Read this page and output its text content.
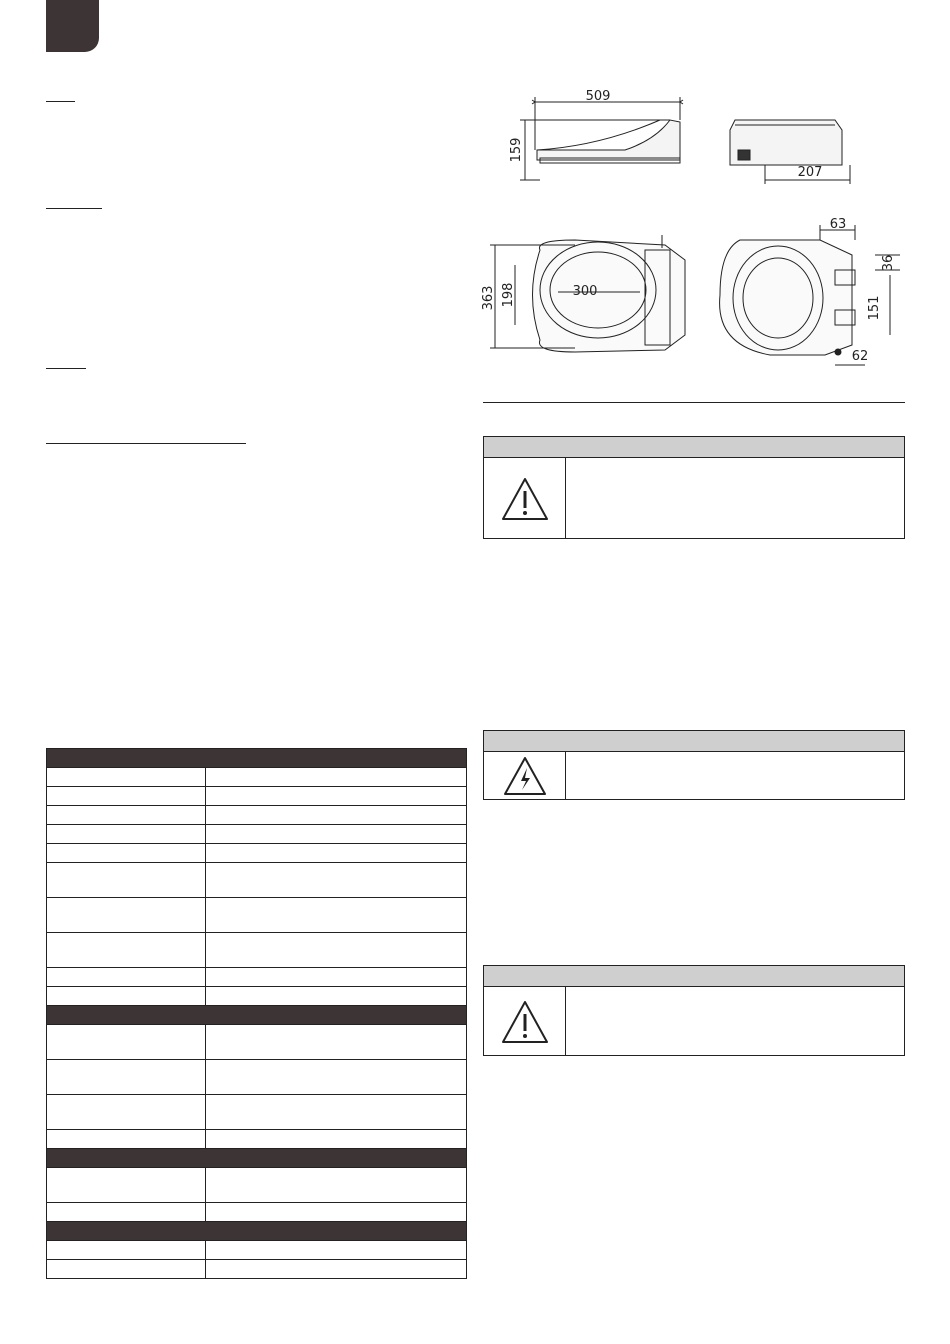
509
159
207
363 198	300
63
36
151
62
